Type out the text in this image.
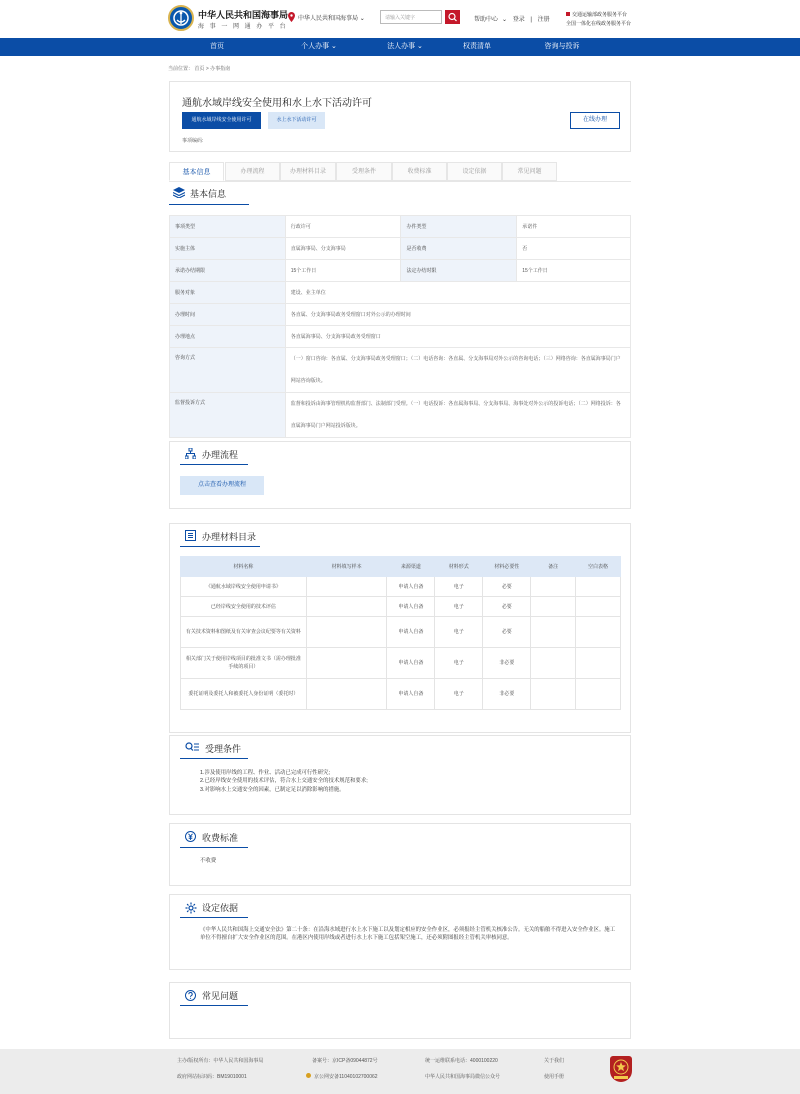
中华人民共和国海事局
海 事 一 网 通 办 平 台
中华人民共和国海事局 ⌄	请输入关键字	帮助中心 ⌄ 登录 | 注册
交通运输部政务服务平台
全国一体化在线政务服务平台
首页	个人办事 ⌄	法人办事 ⌄	权责清单	咨询与投诉
当前位置： 首页 > 办事指南
通航水域岸线安全使用和水上水下活动许可
通航水域岸线安全使用许可	水上水下活动许可	在线办理
事项编码:
基本信息	办理流程	办理材料目录	受理条件	收费标准	设定依据	常见问题
基本信息
事项类型	行政许可	办件类型	承诺件
实施主体	直属海事局、分支海事局	是否收费	否
承诺办结期限	15个工作日	法定办结时限	15个工作日
服务对象	建设、业主单位		
办理时间	各直属、分支海事局政务受理窗口对外公示的办理时间		
办理地点	各直属海事局、分支海事局政务受理窗口		
咨询方式	（一）窗口咨询：各直属、分支海事局政务受理窗口；（二）电话咨询：各直属、分支海事局对外公示的咨询电话；（三）网络咨询：各直属海事局门户网站咨询版块。		
监督投诉方式	监督和投诉由海事管理机构监督部门、法制部门受理。（一）电话投诉：各直属海事局、分支海事局、海事处对外公示的投诉电话；（二）网络投诉：各直属海事局门户网站投诉版块。		
办理流程
点击查看办理流程
办理材料目录
材料名称	材料填写样本	来源渠道	材料形式	材料必要性	备注	空白表格
《通航水域岸线安全使用申请书》		申请人自备	电子	必要		
已经岸线安全使用的技术评估		申请人自备	电子	必要		
有关技术资料和图纸及有关审查会议纪要等有关资料		申请人自备	电子	必要		
相关部门关于使用岸线项目的批准文书（需办理批准手续的项目）		申请人自备	电子	非必要		
委托证明及委托人和被委托人身份证明（委托时）		申请人自备	电子	非必要		
受理条件
1.涉及使用岸线的工程、作业、活动已完成可行性研究;
2.已经岸线安全使用的技术评估，符合水上交通安全的技术规范和要求;
3.对影响水上交通安全的因素，已制定足以消除影响的措施。
收费标准
不收费
设定依据
《中华人民共和国海上交通安全法》第二十条：在沿海水域进行水上水下施工以及划定相应的安全作业区，必须报经主管机关核准公告。无关的船舶不得进入安全作业区。施工单位不得擅自扩大安全作业区的范围。在港区内使用岸线或者进行水上水下施工包括架空施工，还必须附图报经主管机关审核同意。
常见问题
主办/版权所有：中华人民共和国海事局	备案号：京ICP备09044872号	统一运维联系电话：4000100220	关于我们
政府网站标识码：BM19010001	京公网安备11040102700062	中华人民共和国海事局微信公众号	使用手册
